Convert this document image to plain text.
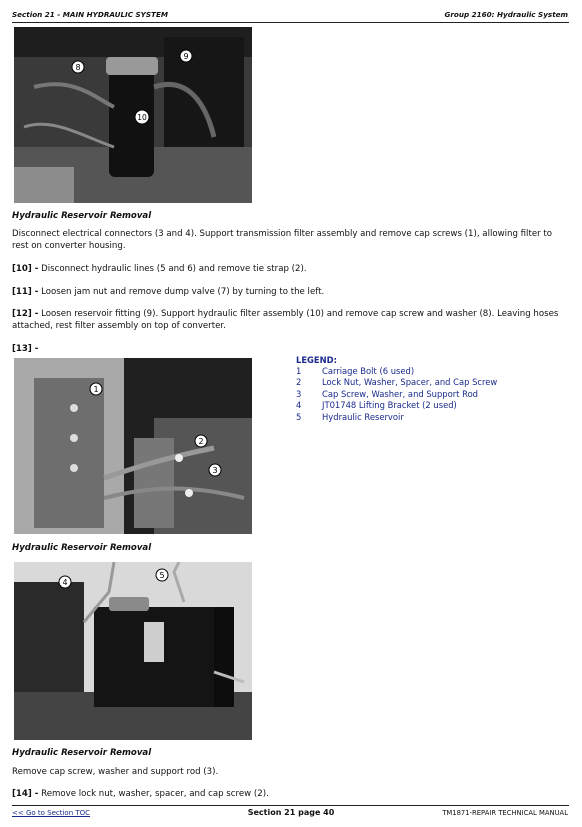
Section 21 - MAIN HYDRAULIC SYSTEM	Group 2160: Hydraulic System
8
9
10
Hydraulic Reservoir Removal
Disconnect electrical connectors (3 and 4). Support transmission filter assembly and remove cap screws (1), allowing filter to rest on converter housing.
[10] - Disconnect hydraulic lines (5 and 6) and remove tie strap (2).
[11] - Loosen jam nut and remove dump valve (7) by turning to the left.
[12] - Loosen reservoir fitting (9). Support hydraulic filter assembly (10) and remove cap screw and washer (8). Leaving hoses attached, rest filter assembly on top of converter.
[13] -
1
2
3
LEGEND:
1	Carriage Bolt (6 used)
2	Lock Nut, Washer, Spacer, and Cap Screw
3	Cap Screw, Washer, and Support Rod
4	JT01748 Lifting Bracket (2 used)
5	Hydraulic Reservoir
Hydraulic Reservoir Removal
4
5
Hydraulic Reservoir Removal
Remove cap screw, washer and support rod (3).
[14] - Remove lock nut, washer, spacer, and cap screw (2).
<< Go to Section TOC	Section 21 page 40	TM1871-REPAIR TECHNICAL MANUAL
